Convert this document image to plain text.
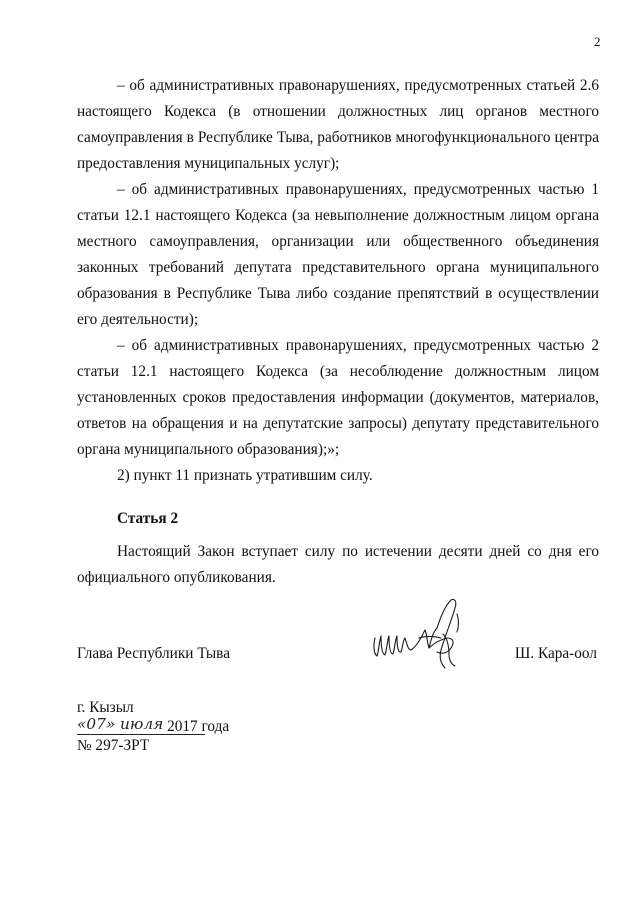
2

– об административных правонарушениях, предусмотренных статьей 2.6 настоящего Кодекса (в отношении должностных лиц органов местного самоуправления в Республике Тыва, работников многофункционального центра предоставления муниципальных услуг);

– об административных правонарушениях, предусмотренных частью 1 статьи 12.1 настоящего Кодекса (за невыполнение должностным лицом органа местного самоуправления, организации или общественного объединения законных требований депутата представительного органа муниципального образования в Республике Тыва либо создание препятствий в осуществлении его деятельности);

– об административных правонарушениях, предусмотренных частью 2 статьи 12.1 настоящего Кодекса (за несоблюдение должностным лицом установленных сроков предоставления информации (документов, материалов, ответов на обращения и на депутатские запросы) депутату представительного органа муниципального образования);»;

2) пункт 11 признать утратившим силу.

Статья 2

Настоящий Закон вступает силу по истечении десяти дней со дня его официального опубликования.

Глава Республики Тыва	Ш. Кара-оол
г. Кызыл
«07» июля 2017 года
№ 297-ЗРТ
